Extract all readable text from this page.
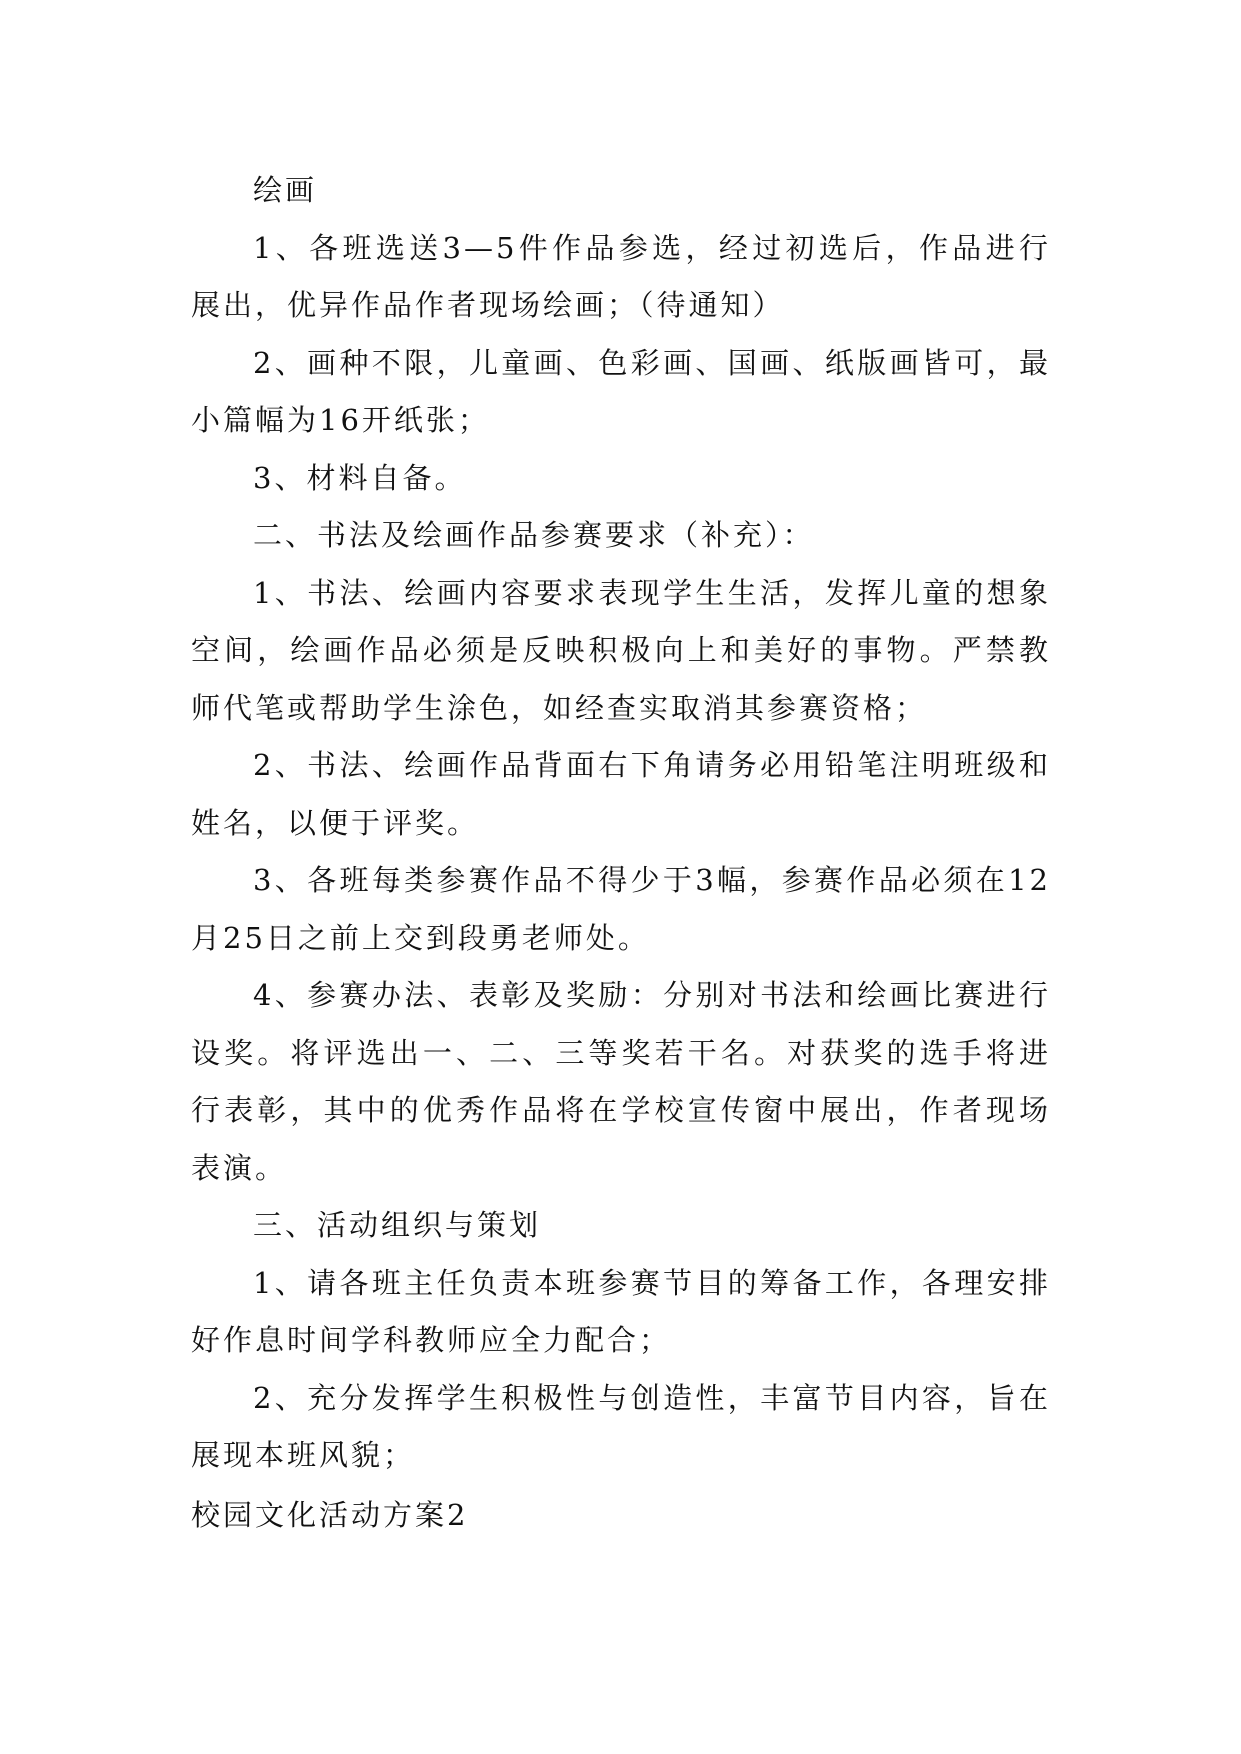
绘画

1、各班选送3—5件作品参选，经过初选后，作品进行展出，优异作品作者现场绘画；（待通知）

2、画种不限，儿童画、色彩画、国画、纸版画皆可，最小篇幅为16开纸张；

3、材料自备。

二、书法及绘画作品参赛要求（补充）：

1、书法、绘画内容要求表现学生生活，发挥儿童的想象空间，绘画作品必须是反映积极向上和美好的事物。严禁教师代笔或帮助学生涂色，如经查实取消其参赛资格；

2、书法、绘画作品背面右下角请务必用铅笔注明班级和姓名，以便于评奖。

3、各班每类参赛作品不得少于3幅，参赛作品必须在12月25日之前上交到段勇老师处。

4、参赛办法、表彰及奖励：分别对书法和绘画比赛进行设奖。将评选出一、二、三等奖若干名。对获奖的选手将进行表彰，其中的优秀作品将在学校宣传窗中展出，作者现场表演。

三、活动组织与策划

1、请各班主任负责本班参赛节目的筹备工作，各理安排好作息时间学科教师应全力配合；

2、充分发挥学生积极性与创造性，丰富节目内容，旨在展现本班风貌；

校园文化活动方案2
